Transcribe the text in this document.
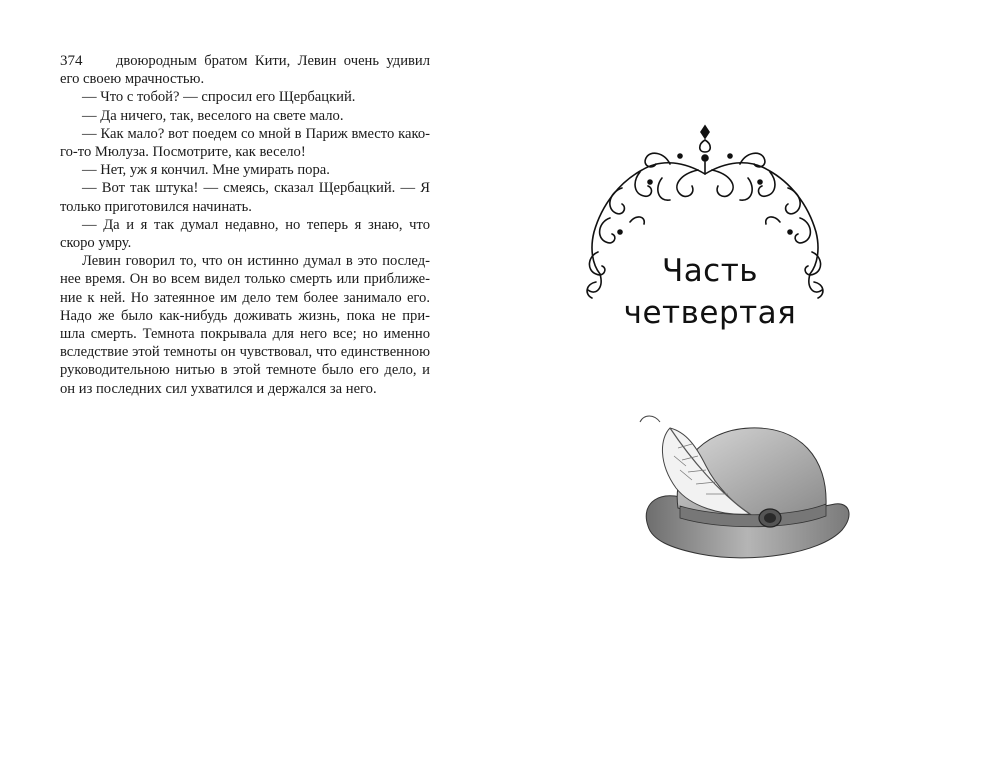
374	двоюродным братом Кити, Левин очень удивил его своею мрачностью.

— Что с тобой? — спросил его Щербацкий.

— Да ничего, так, веселого на свете мало.

— Как мало? вот поедем со мной в Париж вместо како-го-то Мюлуза. Посмотрите, как весело!

— Нет, уж я кончил. Мне умирать пора.

— Вот так штука! — смеясь, сказал Щербацкий. — Я только приготовился начинать.

— Да и я так думал недавно, но теперь я знаю, что скоро умру.

Левин говорил то, что он истинно думал в это послед-нее время. Он во всем видел только смерть или приближе-ние к ней. Но затеянное им дело тем более занимало его. Надо же было как-нибудь доживать жизнь, пока не при-шла смерть. Темнота покрывала для него все; но именно вследствие этой темноты он чувствовал, что единственною руководительною нитью в этой темноте было его дело, и он из последних сил ухватился и держался за него.

Часть
четвертая
